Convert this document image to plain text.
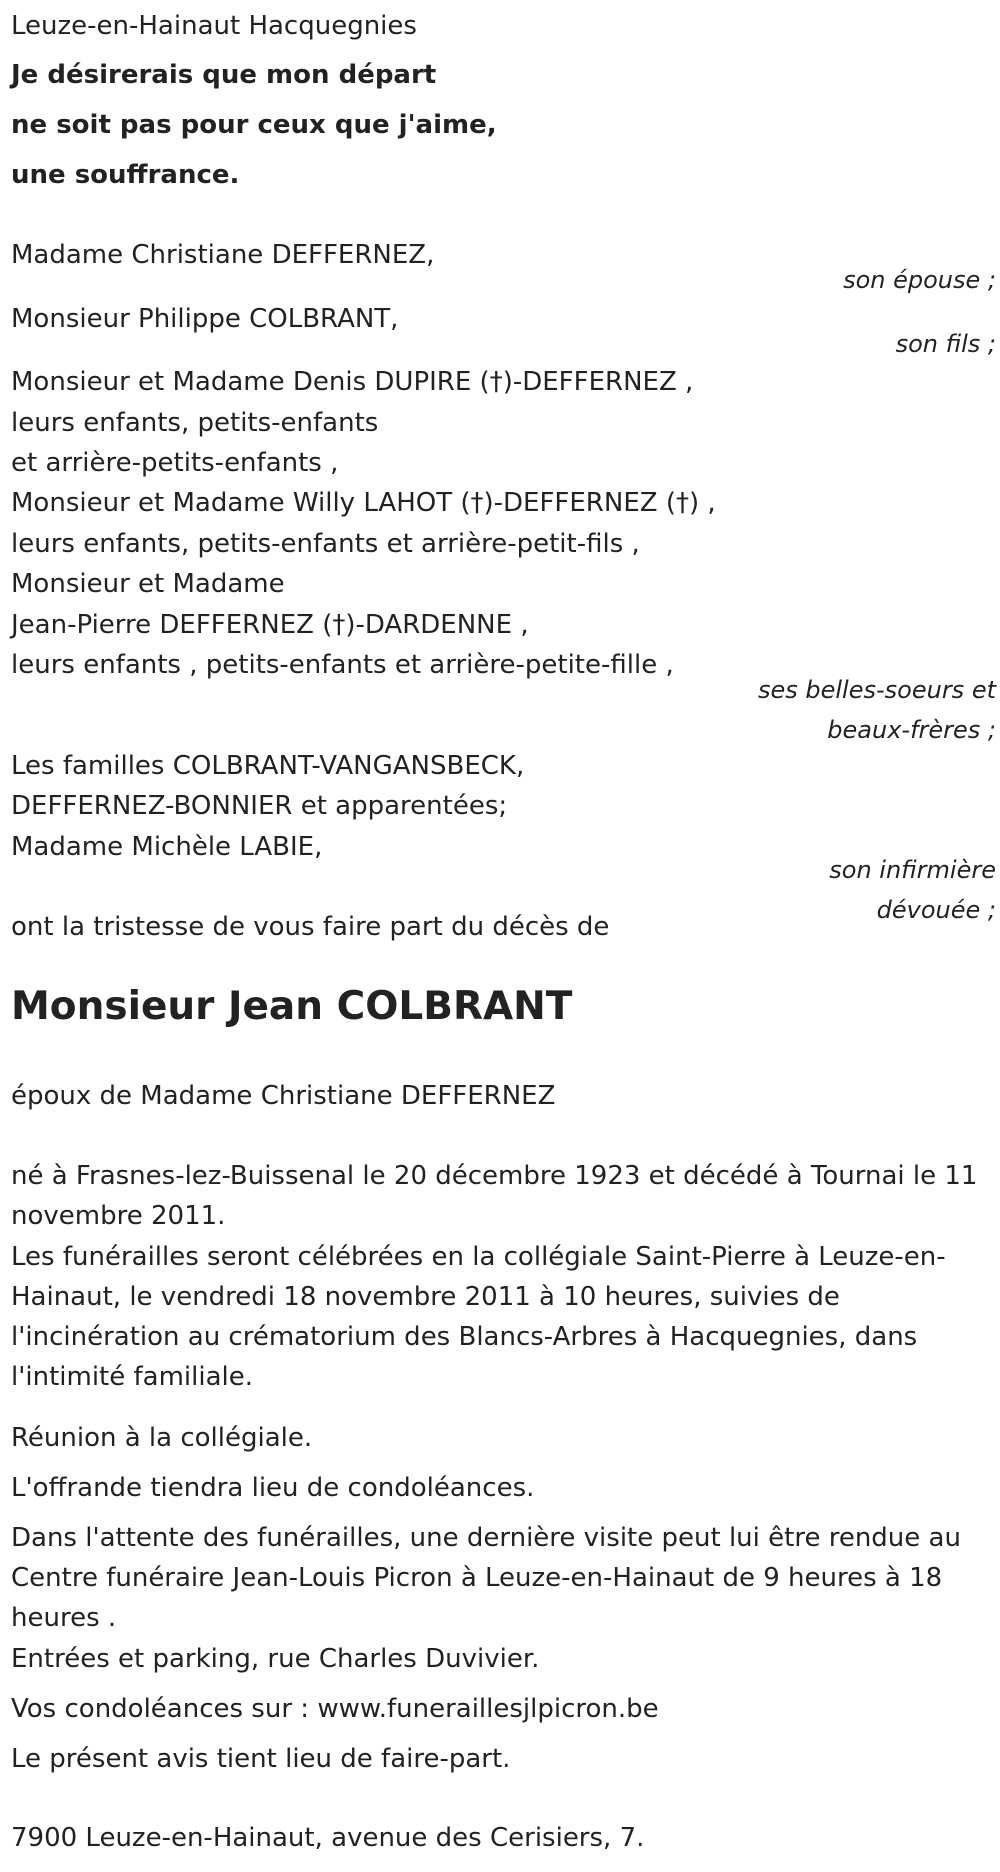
Leuze-en-Hainaut Hacquegnies

Je désirerais que mon départ

ne soit pas pour ceux que j'aime,

une souffrance.

Madame Christiane DEFFERNEZ,

son épouse ;

Monsieur Philippe COLBRANT,

son fils ;

Monsieur et Madame Denis DUPIRE (†)-DEFFERNEZ ,

leurs enfants, petits-enfants

et arrière-petits-enfants ,

Monsieur et Madame Willy LAHOT (†)-DEFFERNEZ (†) ,

leurs enfants, petits-enfants et arrière-petit-fils ,

Monsieur et Madame

Jean-Pierre DEFFERNEZ (†)-DARDENNE ,

leurs enfants , petits-enfants et arrière-petite-fille ,

ses belles-soeurs et

beaux-frères ;

Les familles COLBRANT-VANGANSBECK,

DEFFERNEZ-BONNIER et apparentées;

Madame Michèle LABIE,

son infirmière

dévouée ;

ont la tristesse de vous faire part du décès de

Monsieur Jean COLBRANT

époux de Madame Christiane DEFFERNEZ

né à Frasnes-lez-Buissenal le 20 décembre 1923 et décédé à Tournai le 11 novembre 2011.

Les funérailles seront célébrées en la collégiale Saint-Pierre à Leuze-en-Hainaut, le vendredi 18 novembre 2011 à 10 heures, suivies de l'incinération au crématorium des Blancs-Arbres à Hacquegnies, dans l'intimité familiale.

Réunion à la collégiale.

L'offrande tiendra lieu de condoléances.

Dans l'attente des funérailles, une dernière visite peut lui être rendue au Centre funéraire Jean-Louis Picron à Leuze-en-Hainaut de 9 heures à 18 heures .

Entrées et parking, rue Charles Duvivier.

Vos condoléances sur : www.funeraillesjlpicron.be

Le présent avis tient lieu de faire-part.

7900 Leuze-en-Hainaut, avenue des Cerisiers, 7.
